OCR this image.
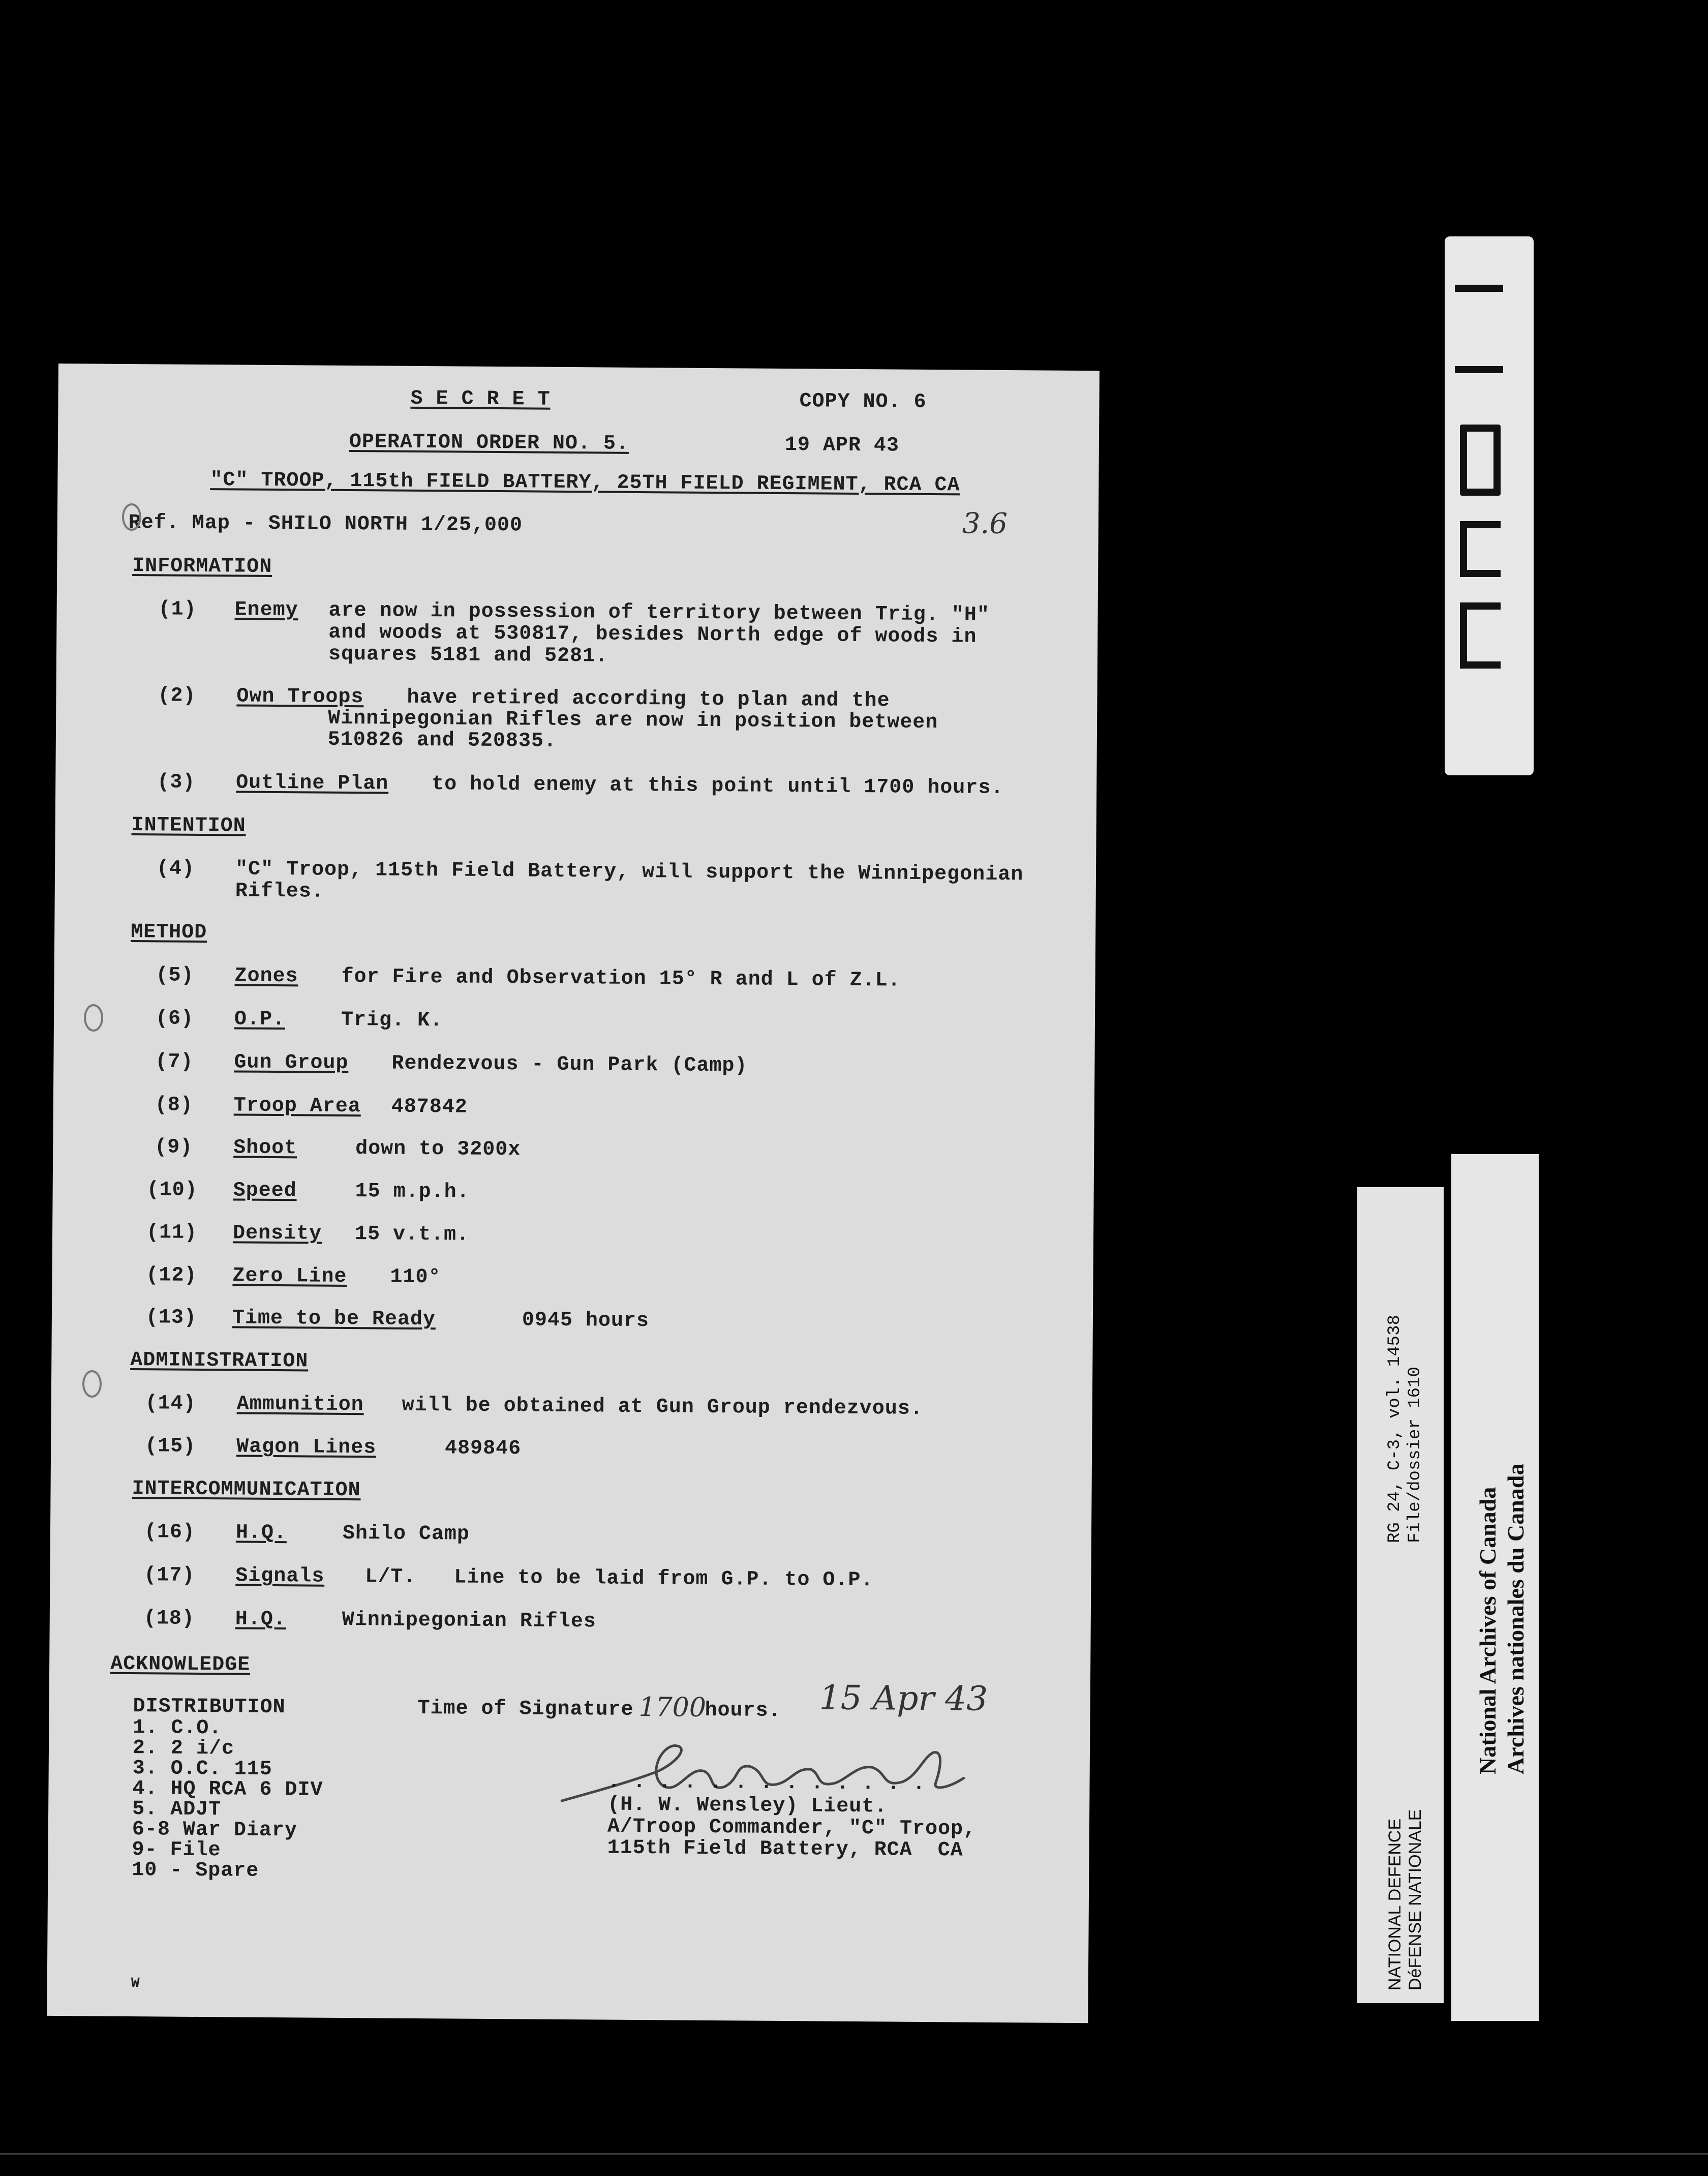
S E C R E T	COPY NO. 6
OPERATION ORDER NO. 5.	19 APR 43
"C" TROOP, 115th FIELD BATTERY, 25TH FIELD REGIMENT, RCA CA
Ref. Map - SHILO NORTH 1/25,000	3.6
INFORMATION
(1) Enemy are now in possession of territory between Trig. "H"
and woods at 530817, besides North edge of woods in
squares 5181 and 5281.
(2) Own Troops have retired according to plan and the
Winnipegonian Rifles are now in position between
510826 and 520835.
(3) Outline Plan to hold enemy at this point until 1700 hours.
INTENTION
(4) "C" Troop, 115th Field Battery, will support the Winnipegonian
Rifles.
METHOD
(5) Zones for Fire and Observation 15° R and L of Z.L.
(6) O.P.	Trig. K.
(7) Gun Group Rendezvous - Gun Park (Camp)
(8) Troop Area 487842
(9) Shoot	down to 3200x
(10) Speed	15 m.p.h.
(11) Density 15 v.t.m.
(12) Zero Line 110°
(13) Time to be Ready	0945 hours
ADMINISTRATION
(14) Ammunition will be obtained at Gun Group rendezvous.
(15) Wagon Lines	489846
INTERCOMMUNICATION
(16) H.Q.	Shilo Camp
(17) Signals L/T.   Line to be laid from G.P. to O.P.
(18) H.Q.	Winnipegonian Rifles
ACKNOWLEDGE
DISTRIBUTION
1. C.O.
2. 2 i/c
3. O.C. 115
4. HQ RCA 6 DIV
5. ADJT
6-8 War Diary
9- File
10 - Spare
Time of Signature 1700
hours. 15 Apr 43
. . . . . . . . . . . . .
(H. W. Wensley) Lieut.
A/Troop Commander, "C" Troop,
115th Field Battery, RCA  CA
W
RG 24, C-3, vol. 14538 File/dossier 1610
NATIONAL DEFENCE DéFENSE NATIONALE
National Archives of Canada Archives nationales du Canada
